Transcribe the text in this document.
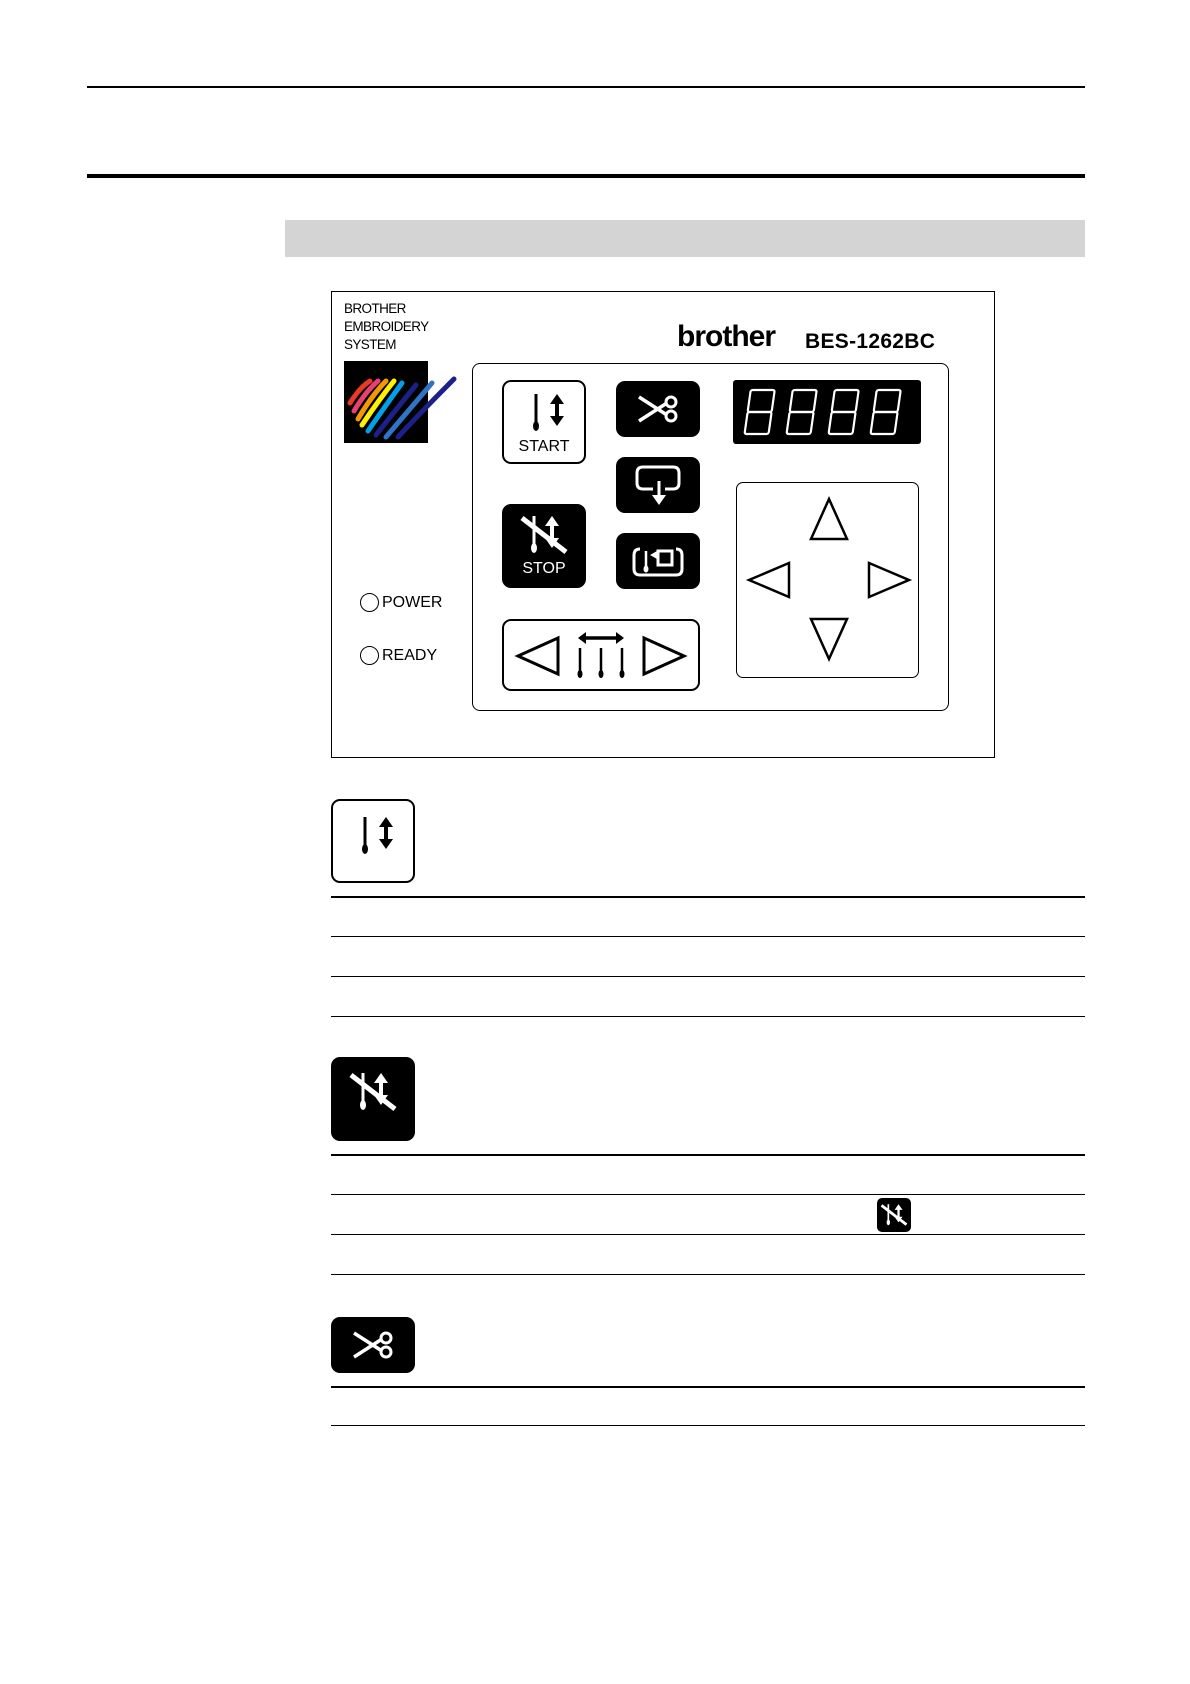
BROTHER
EMBROIDERY
SYSTEM	brother BES-1262BC
START
STOP
POWER
READY
